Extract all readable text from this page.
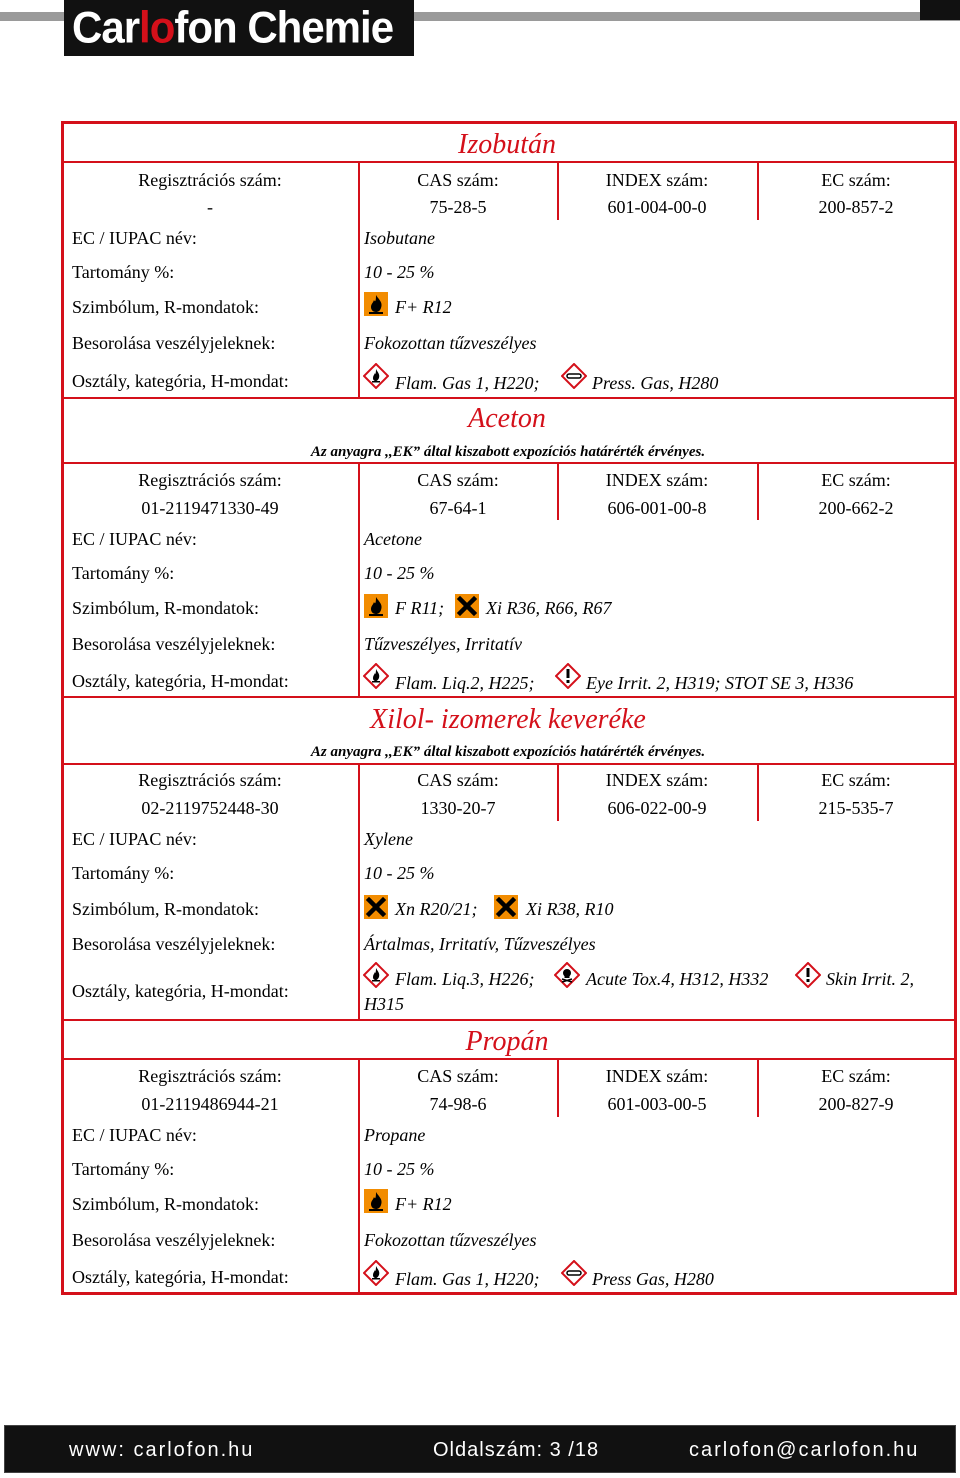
Car lo fon Chemie
Izobután
Regisztrációs szám:	CAS szám:	INDEX szám:	EC szám:
-	75-28-5	601-004-00-0	200-857-2
EC / IUPAC név:	Isobutane
Tartomány %:	10 - 25 %
Szimbólum, R-mondatok:	F+ R12
Besorolása veszélyjeleknek:	Fokozottan tűzveszélyes
Osztály, kategória, H-mondat:	Flam. Gas 1, H220;	Press. Gas, H280
Aceton
Az anyagra ,,EK” által kiszabott expozíciós határérték érvényes.
Regisztrációs szám:	CAS szám:	INDEX szám:	EC szám:
01-2119471330-49	67-64-1	606-001-00-8	200-662-2
EC / IUPAC név:	Acetone
Tartomány %:	10 - 25 %
Szimbólum, R-mondatok:	F R11; Xi R36, R66, R67
Besorolása veszélyjeleknek:	Tűzveszélyes, Irritatív
Osztály, kategória, H-mondat:	Flam. Liq.2, H225;	Eye Irrit. 2, H319; STOT SE 3, H336
Xilol- izomerek keveréke
Az anyagra ,,EK” által kiszabott expozíciós határérték érvényes.
Regisztrációs szám:	CAS szám:	INDEX szám:	EC szám:
02-2119752448-30	1330-20-7	606-022-00-9	215-535-7
EC / IUPAC név:	Xylene
Tartomány %:	10 - 25 %
Szimbólum, R-mondatok:	Xn R20/21;	Xi R38, R10
Besorolása veszélyjeleknek:	Ártalmas, Irritatív, Tűzveszélyes
Osztály, kategória, H-mondat:
Flam. Liq.3, H226;	Acute Tox.4, H312, H332	Skin Irrit. 2,
H315
Propán
Regisztrációs szám:	CAS szám:	INDEX szám:	EC szám:
01-2119486944-21	74-98-6	601-003-00-5	200-827-9
EC / IUPAC név:	Propane
Tartomány %:	10 - 25 %
Szimbólum, R-mondatok:	F+ R12
Besorolása veszélyjeleknek:	Fokozottan tűzveszélyes
Osztály, kategória, H-mondat:	Flam. Gas 1, H220;	Press Gas, H280
www: carlofon.hu	Oldalszám: 3 /18	carlofon@carlofon.hu
